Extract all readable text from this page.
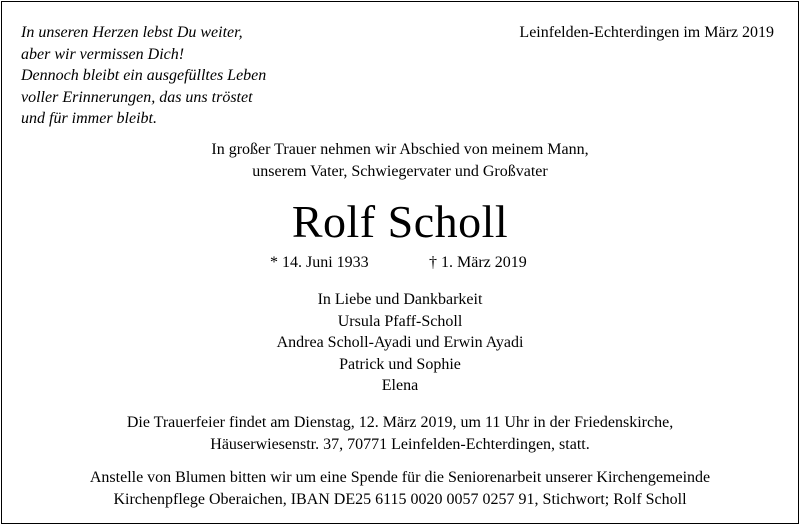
In unseren Herzen lebst Du weiter,
aber wir vermissen Dich!
Dennoch bleibt ein ausgefülltes Leben
voller Erinnerungen, das uns tröstet
und für immer bleibt.
Leinfelden-Echterdingen im März 2019
In großer Trauer nehmen wir Abschied von meinem Mann,
unserem Vater, Schwiegervater und Großvater
Rolf Scholl
* 14. Juni 1933	† 1. März 2019
In Liebe und Dankbarkeit
Ursula Pfaff-Scholl
Andrea Scholl-Ayadi und Erwin Ayadi
Patrick und Sophie
Elena
Die Trauerfeier findet am Dienstag, 12. März 2019, um 11 Uhr in der Friedenskirche,
Häuserwiesenstr. 37, 70771 Leinfelden-Echterdingen, statt.
Anstelle von Blumen bitten wir um eine Spende für die Seniorenarbeit unserer Kirchengemeinde
Kirchenpflege Oberaichen, IBAN DE25 6115 0020 0057 0257 91, Stichwort; Rolf Scholl
